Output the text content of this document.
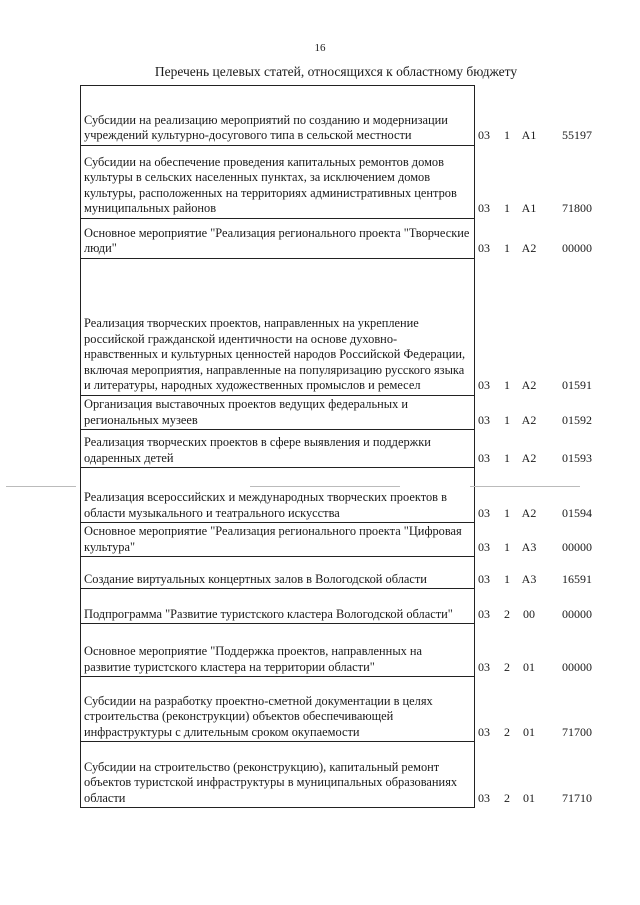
16
Перечень целевых статей, относящихся к областному бюджету
Субсидии на реализацию мероприятий по созданию и модернизации учреждений культурно-досугового типа в сельской местности	03 1 А1 55197
Субсидии на обеспечение проведения капитальных ремонтов домов культуры в сельских населенных пунктах, за исключением домов культуры, расположенных на территориях административных центров муниципальных районов	03 1 А1 71800
Основное мероприятие "Реализация регионального проекта "Творческие люди"	03 1 А2 00000
Реализация творческих проектов, направленных на укрепление российской гражданской идентичности на основе духовно-нравственных и культурных ценностей народов Российской Федерации, включая мероприятия, направленные на популяризацию русского языка и литературы, народных художественных промыслов и ремесел	03 1 А2 01591
Организация выставочных проектов ведущих федеральных и региональных музеев	03 1 А2 01592
Реализация творческих проектов в сфере выявления и поддержки одаренных детей	03 1 А2 01593
Реализация всероссийских и международных творческих проектов в области музыкального и театрального искусства	03 1 А2 01594
Основное мероприятие "Реализация регионального проекта "Цифровая культура"	03 1 А3 00000
Создание виртуальных концертных залов в Вологодской области	03 1 А3 16591
Подпрограмма "Развитие туристского кластера Вологодской области"	03 2 00 00000
Основное мероприятие "Поддержка проектов, направленных на развитие туристского кластера на территории области"	03 2 01 00000
Субсидии на разработку проектно-сметной документации в целях строительства (реконструкции) объектов обеспечивающей инфраструктуры с длительным сроком окупаемости	03 2 01 71700
Субсидии на строительство (реконструкцию), капитальный ремонт объектов туристской инфраструктуры в муниципальных образованиях области	03 2 01 71710
